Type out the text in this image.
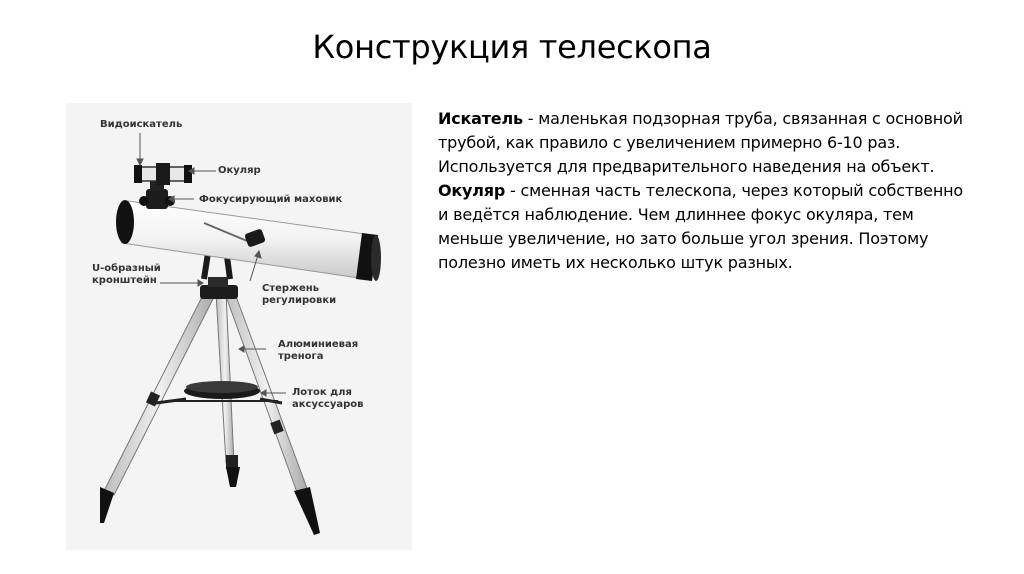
Конструкция телескопа
Видоискатель
Окуляр
Фокусирующий маховик
U-образный
кронштейн
Стержень
регулировки
Алюминиевая
тренога
Лоток для
аксуссуаров

Искатель - маленькая подзорная труба, связанная с основной трубой, как правило с увеличением примерно 6-10 раз. Используется для предварительного наведения на объект.

Окуляр - сменная часть телескопа, через который собственно и ведётся наблюдение. Чем длиннее фокус окуляра, тем меньше увеличение, но зато больше угол зрения. Поэтому полезно иметь их несколько штук разных.
